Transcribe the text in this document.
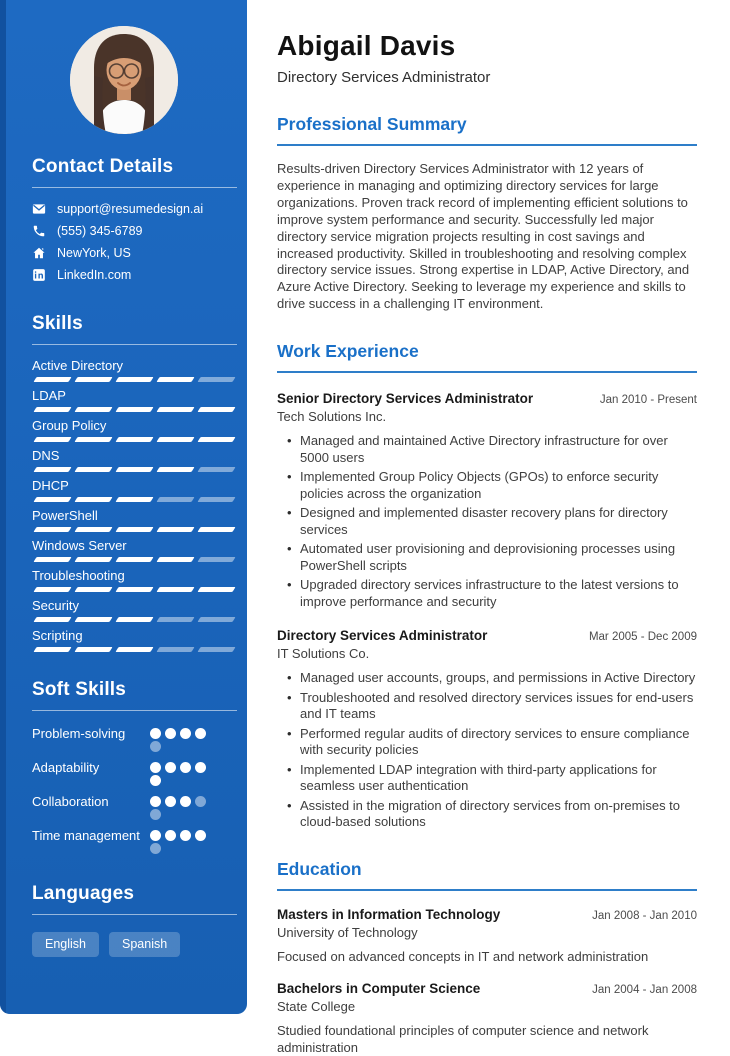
Contact Details
support@resumedesign.ai
(555) 345-6789
NewYork, US
LinkedIn.com
Skills
Active Directory
LDAP
Group Policy
DNS
DHCP
PowerShell
Windows Server
Troubleshooting
Security
Scripting
Soft Skills
Problem-solving
Adaptability
Collaboration
Time management
Languages
English	Spanish
Abigail Davis
Directory Services Administrator
Professional Summary

Results-driven Directory Services Administrator with 12 years of experience in managing and optimizing directory services for large organizations. Proven track record of implementing efficient solutions to improve system performance and security. Successfully led major directory service migration projects resulting in cost savings and increased productivity. Skilled in troubleshooting and resolving complex directory service issues. Strong expertise in LDAP, Active Directory, and Azure Active Directory. Seeking to leverage my experience and skills to drive success in a challenging IT environment.

Work Experience
Senior Directory Services Administrator	Jan 2010 - Present
Tech Solutions Inc.
• Managed and maintained Active Directory infrastructure for over 5000 users
• Implemented Group Policy Objects (GPOs) to enforce security policies across the organization
• Designed and implemented disaster recovery plans for directory services
• Automated user provisioning and deprovisioning processes using PowerShell scripts
• Upgraded directory services infrastructure to the latest versions to improve performance and security
Directory Services Administrator	Mar 2005 - Dec 2009
IT Solutions Co.
• Managed user accounts, groups, and permissions in Active Directory
• Troubleshooted and resolved directory services issues for end-users and IT teams
• Performed regular audits of directory services to ensure compliance with security policies
• Implemented LDAP integration with third-party applications for seamless user authentication
• Assisted in the migration of directory services from on-premises to cloud-based solutions
Education
Masters in Information Technology	Jan 2008 - Jan 2010
University of Technology
Focused on advanced concepts in IT and network administration
Bachelors in Computer Science	Jan 2004 - Jan 2008
State College
Studied foundational principles of computer science and network administration
